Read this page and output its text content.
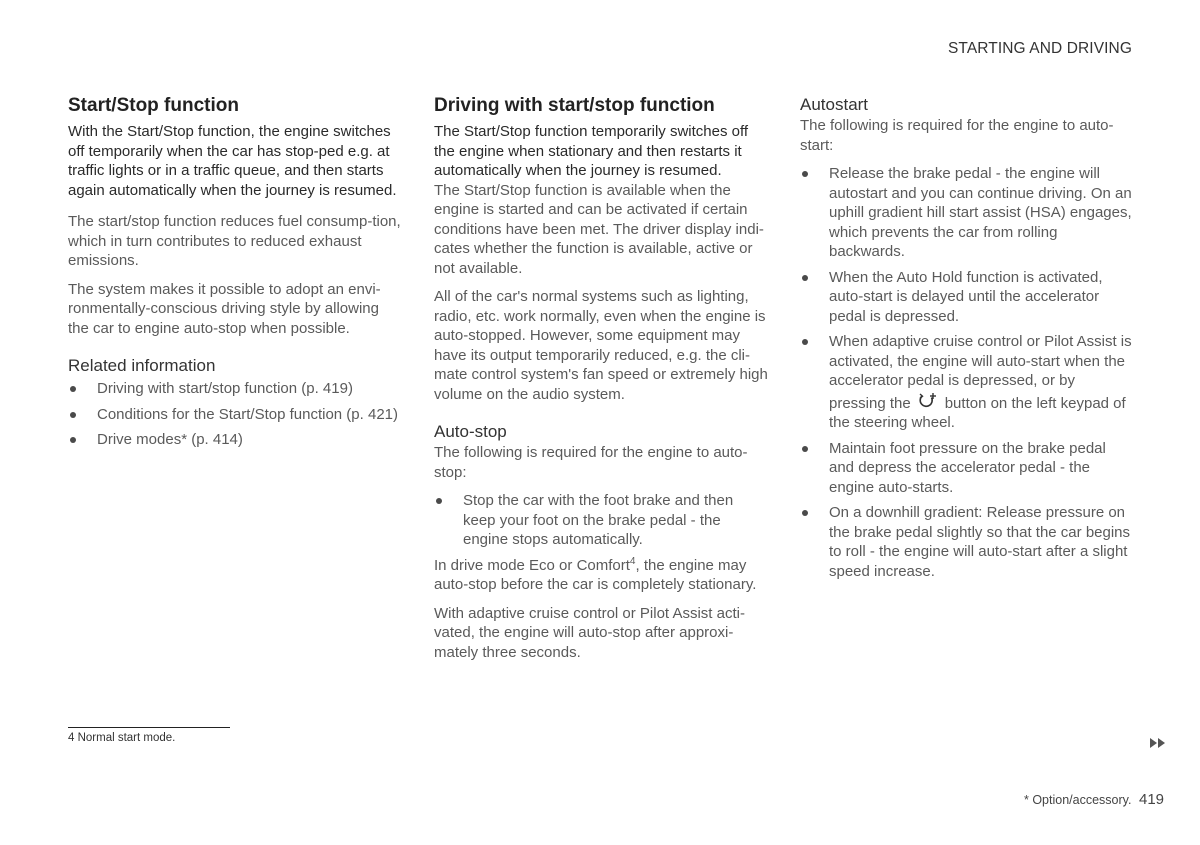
STARTING AND DRIVING
Start/Stop function

With the Start/Stop function, the engine switches off temporarily when the car has stop-ped e.g. at traffic lights or in a traffic queue, and then starts again automatically when the journey is resumed.

The start/stop function reduces fuel consump-tion, which in turn contributes to reduced exhaust emissions.

The system makes it possible to adopt an envi-ronmentally-conscious driving style by allowing the car to engine auto-stop when possible.

Related information
Driving with start/stop function (p. 419)
Conditions for the Start/Stop function (p. 421)
Drive modes* (p. 414)
Driving with start/stop function

The Start/Stop function temporarily switches off the engine when stationary and then restarts it automatically when the journey is resumed.

The Start/Stop function is available when the engine is started and can be activated if certain conditions have been met. The driver display indi-cates whether the function is available, active or not available.

All of the car's normal systems such as lighting, radio, etc. work normally, even when the engine is auto-stopped. However, some equipment may have its output temporarily reduced, e.g. the cli-mate control system's fan speed or extremely high volume on the audio system.

Auto-stop

The following is required for the engine to auto-stop:

Stop the car with the foot brake and then keep your foot on the brake pedal - the engine stops automatically.

In drive mode Eco or Comfort$^4$, the engine may auto-stop before the car is completely stationary.

With adaptive cruise control or Pilot Assist acti-vated, the engine will auto-stop after approxi-mately three seconds.

Autostart

The following is required for the engine to auto-start:

Release the brake pedal - the engine will autostart and you can continue driving. On an uphill gradient hill start assist (HSA) engages, which prevents the car from rolling backwards.
When the Auto Hold function is activated, auto-start is delayed until the accelerator pedal is depressed.
When adaptive cruise control or Pilot Assist is activated, the engine will auto-start when the accelerator pedal is depressed, or by pressing the button on the left keypad of the steering wheel.
Maintain foot pressure on the brake pedal and depress the accelerator pedal - the engine auto-starts.
On a downhill gradient: Release pressure on the brake pedal slightly so that the car begins to roll - the engine will auto-start after a slight speed increase.
4 Normal start mode.
* Option/accessory. 419
